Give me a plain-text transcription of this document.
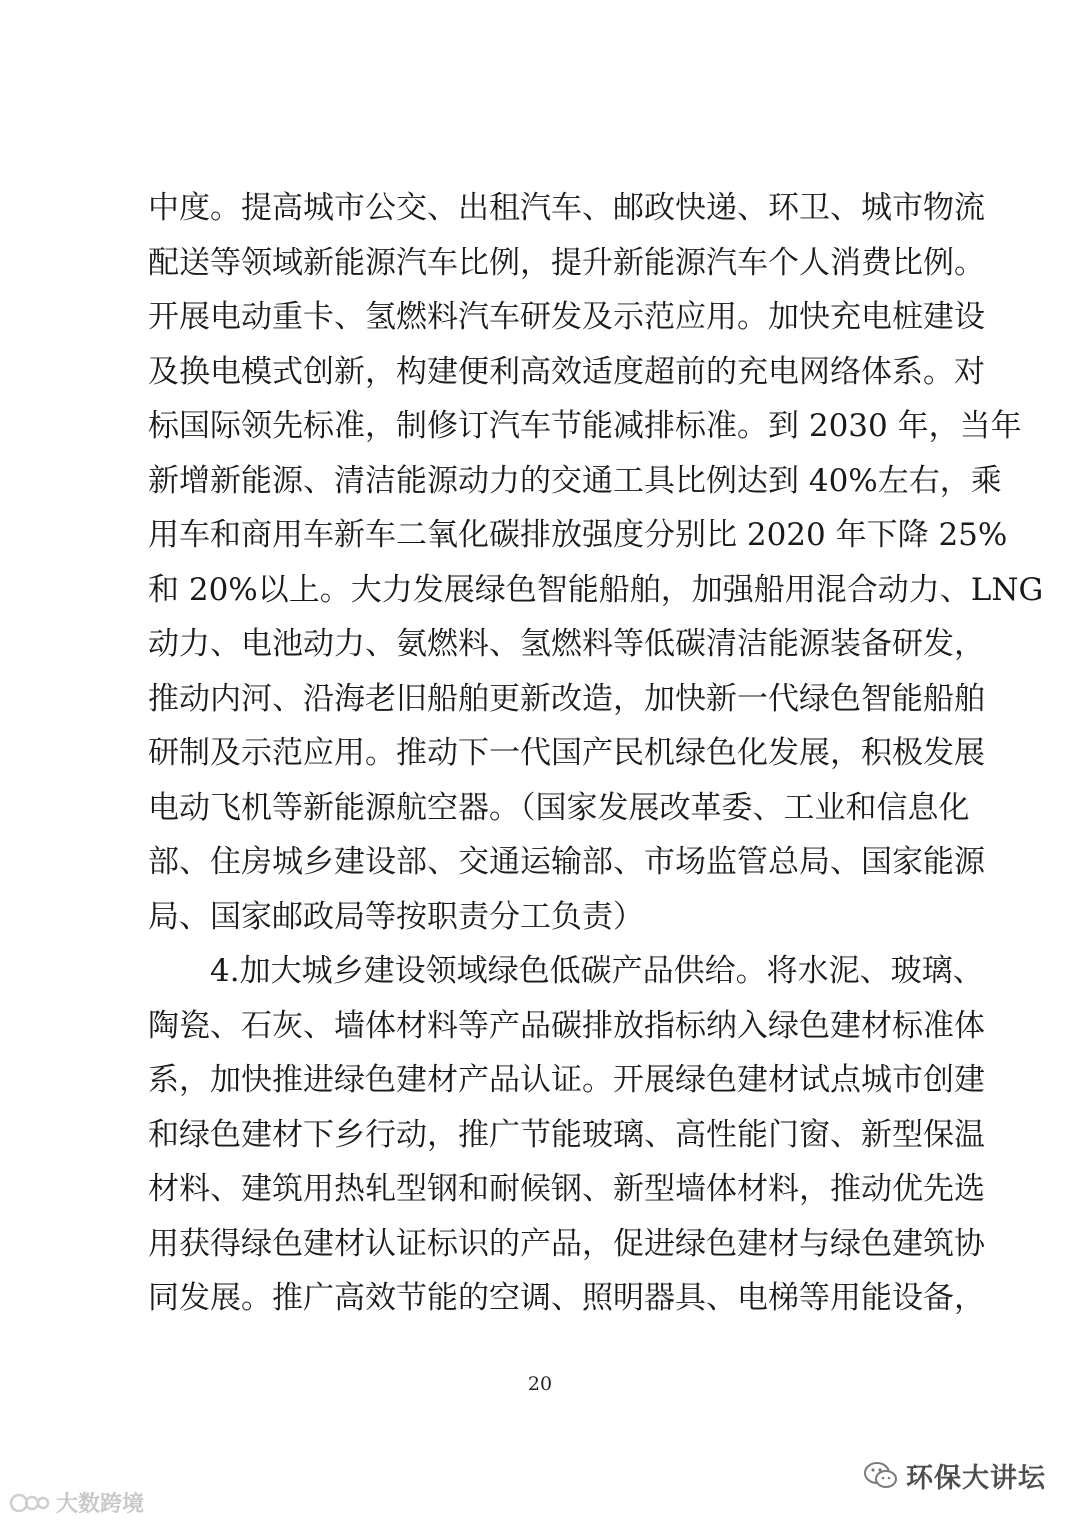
中度。提高城市公交、出租汽车、邮政快递、环卫、城市物流
配送等领域新能源汽车比例，提升新能源汽车个人消费比例。
开展电动重卡、氢燃料汽车研发及示范应用。加快充电桩建设
及换电模式创新，构建便利高效适度超前的充电网络体系。对
标国际领先标准，制修订汽车节能减排标准。到 2030 年，当年
新增新能源、清洁能源动力的交通工具比例达到 40%左右，乘
用车和商用车新车二氧化碳排放强度分别比 2020 年下降 25%
和 20%以上。大力发展绿色智能船舶，加强船用混合动力、LNG
动力、电池动力、氨燃料、氢燃料等低碳清洁能源装备研发，
推动内河、沿海老旧船舶更新改造，加快新一代绿色智能船舶
研制及示范应用。推动下一代国产民机绿色化发展，积极发展
电动飞机等新能源航空器。（国家发展改革委、工业和信息化
部、住房城乡建设部、交通运输部、市场监管总局、国家能源
局、国家邮政局等按职责分工负责）
4.加大城乡建设领域绿色低碳产品供给。将水泥、玻璃、
陶瓷、石灰、墙体材料等产品碳排放指标纳入绿色建材标准体
系，加快推进绿色建材产品认证。开展绿色建材试点城市创建
和绿色建材下乡行动，推广节能玻璃、高性能门窗、新型保温
材料、建筑用热轧型钢和耐候钢、新型墙体材料，推动优先选
用获得绿色建材认证标识的产品，促进绿色建材与绿色建筑协
同发展。推广高效节能的空调、照明器具、电梯等用能设备，
20
环保大讲坛
大数跨境
